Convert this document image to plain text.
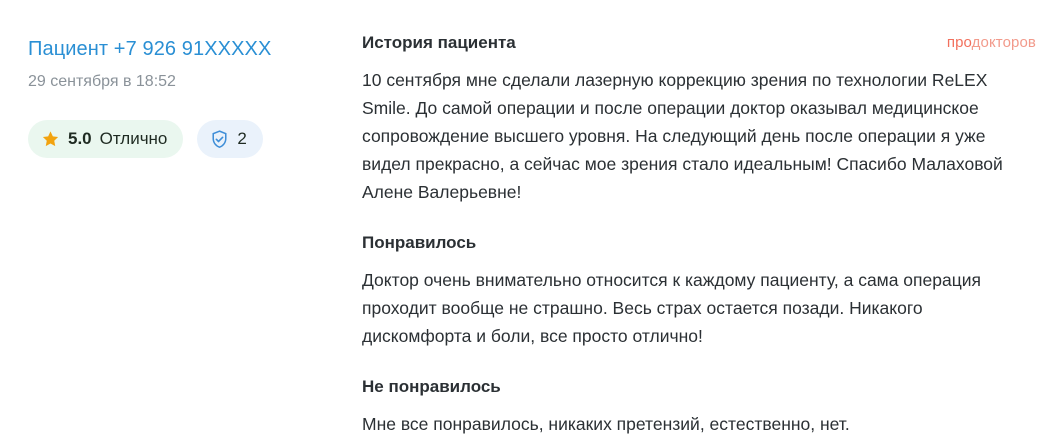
Пациент +7 926 91XXXXX
29 сентября в 18:52
5.0 Отлично	2
История пациента

10 сентября мне сделали лазерную коррекцию зрения по технологии ReLEX Smile. До самой операции и после операции доктор оказывал медицинское сопровождение высшего уровня. На следующий день после операции я уже видел прекрасно, а сейчас мое зрения стало идеальным! Спасибо Малаховой Алене Валерьевне!

Понравилось

Доктор очень внимательно относится к каждому пациенту, а сама операция проходит вообще не страшно. Весь страх остается позади. Никакого дискомфорта и боли, все просто отлично!

Не понравилось

Мне все понравилось, никаких претензий, естественно, нет.

продокторов
